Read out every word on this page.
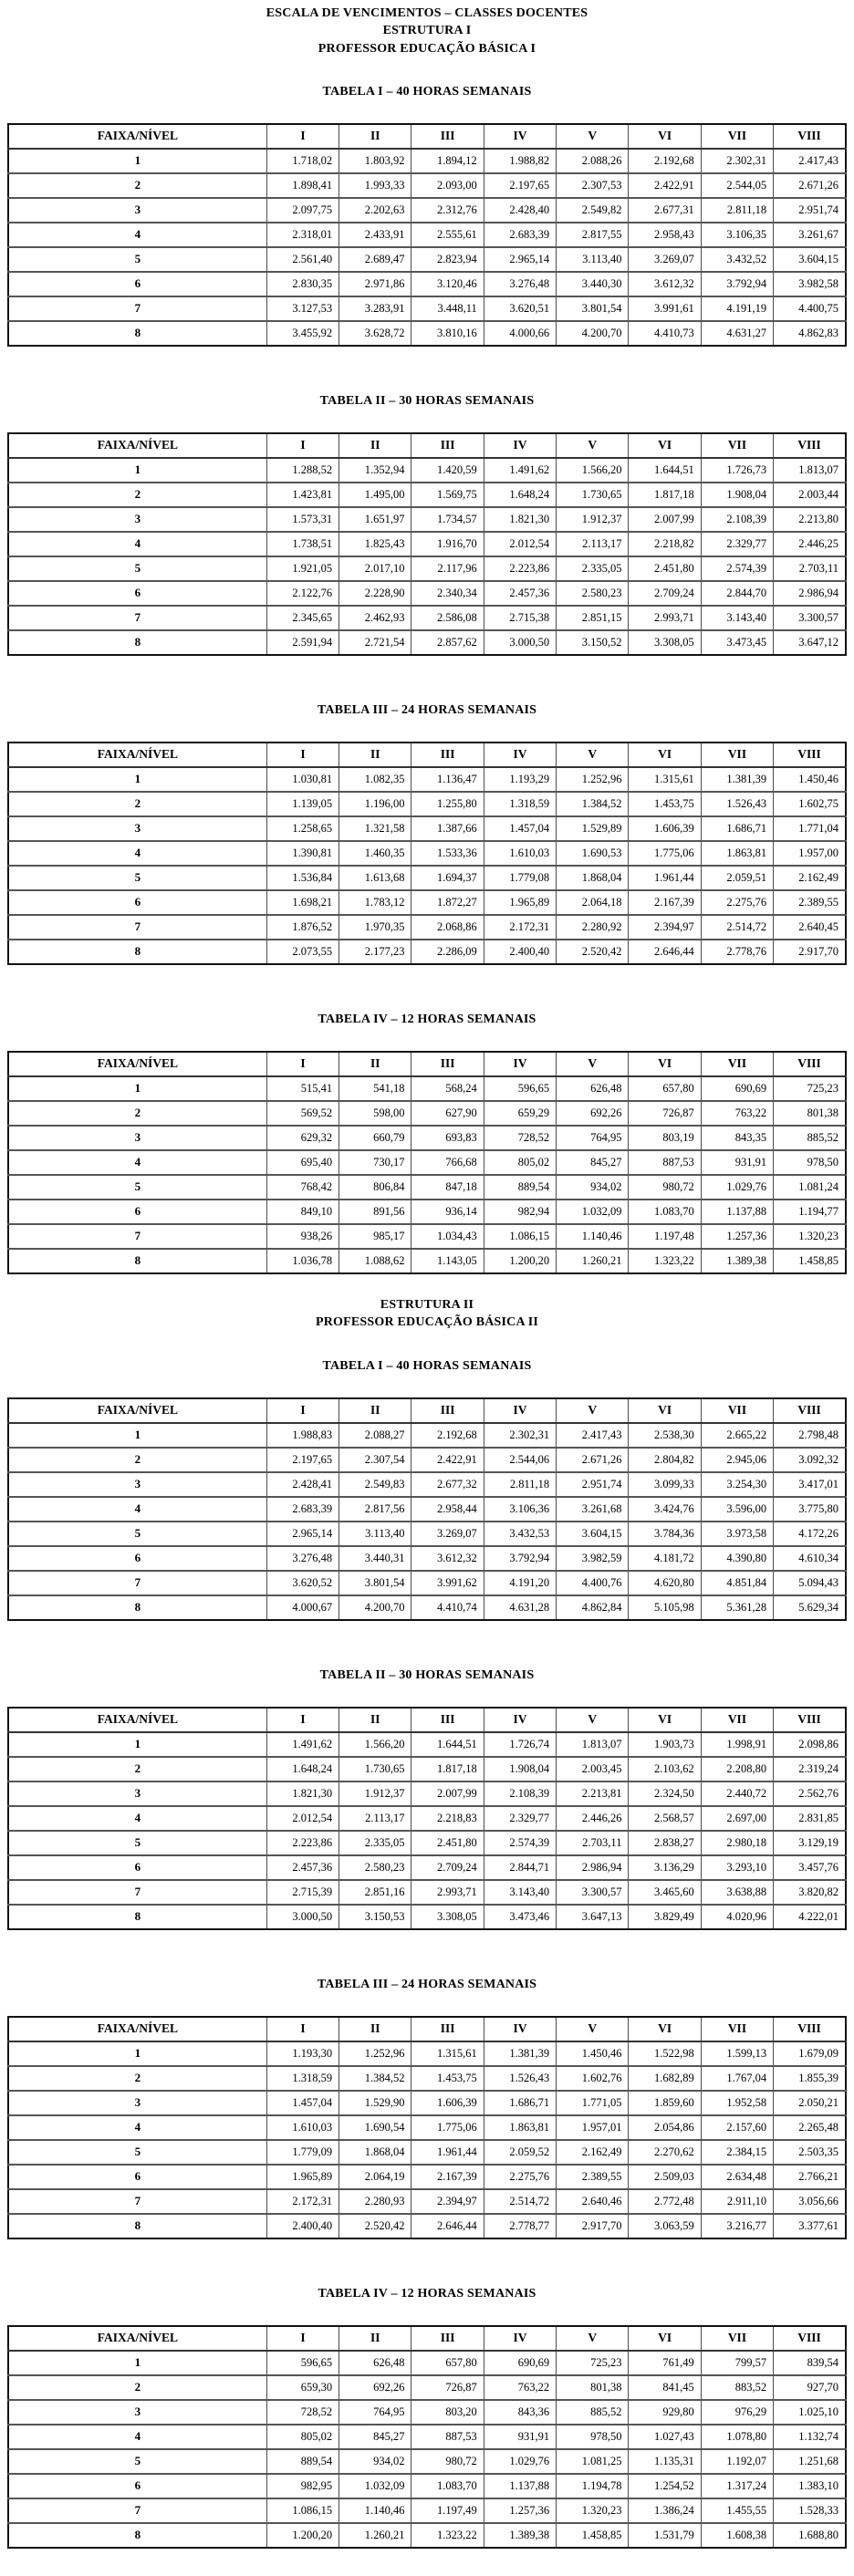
ESCALA DE VENCIMENTOS – CLASSES DOCENTES
ESTRUTURA I
PROFESSOR EDUCAÇÃO BÁSICA I
TABELA I – 40 HORAS SEMANAIS
FAIXA/NÍVEL	I	II	III	IV	V	VI	VII	VIII
1	1.718,02	1.803,92	1.894,12	1.988,82	2.088,26	2.192,68	2.302,31	2.417,43
2	1.898,41	1.993,33	2.093,00	2.197,65	2.307,53	2.422,91	2.544,05	2.671,26
3	2.097,75	2.202,63	2.312,76	2.428,40	2.549,82	2.677,31	2.811,18	2.951,74
4	2.318,01	2.433,91	2.555,61	2.683,39	2.817,55	2.958,43	3.106,35	3.261,67
5	2.561,40	2.689,47	2.823,94	2.965,14	3.113,40	3.269,07	3.432,52	3.604,15
6	2.830,35	2.971,86	3.120,46	3.276,48	3.440,30	3.612,32	3.792,94	3.982,58
7	3.127,53	3.283,91	3.448,11	3.620,51	3.801,54	3.991,61	4.191,19	4.400,75
8	3.455,92	3.628,72	3.810,16	4.000,66	4.200,70	4.410,73	4.631,27	4.862,83
TABELA II – 30 HORAS SEMANAIS
FAIXA/NÍVEL	I	II	III	IV	V	VI	VII	VIII
1	1.288,52	1.352,94	1.420,59	1.491,62	1.566,20	1.644,51	1.726,73	1.813,07
2	1.423,81	1.495,00	1.569,75	1.648,24	1.730,65	1.817,18	1.908,04	2.003,44
3	1.573,31	1.651,97	1.734,57	1.821,30	1.912,37	2.007,99	2.108,39	2.213,80
4	1.738,51	1.825,43	1.916,70	2.012,54	2.113,17	2.218,82	2.329,77	2.446,25
5	1.921,05	2.017,10	2.117,96	2.223,86	2.335,05	2.451,80	2.574,39	2.703,11
6	2.122,76	2.228,90	2.340,34	2.457,36	2.580,23	2.709,24	2.844,70	2.986,94
7	2.345,65	2.462,93	2.586,08	2.715,38	2.851,15	2.993,71	3.143,40	3.300,57
8	2.591,94	2.721,54	2.857,62	3.000,50	3.150,52	3.308,05	3.473,45	3.647,12
TABELA III – 24 HORAS SEMANAIS
FAIXA/NÍVEL	I	II	III	IV	V	VI	VII	VIII
1	1.030,81	1.082,35	1.136,47	1.193,29	1.252,96	1.315,61	1.381,39	1.450,46
2	1.139,05	1.196,00	1.255,80	1.318,59	1.384,52	1.453,75	1.526,43	1.602,75
3	1.258,65	1.321,58	1.387,66	1.457,04	1.529,89	1.606,39	1.686,71	1.771,04
4	1.390,81	1.460,35	1.533,36	1.610,03	1.690,53	1.775,06	1.863,81	1.957,00
5	1.536,84	1.613,68	1.694,37	1.779,08	1.868,04	1.961,44	2.059,51	2.162,49
6	1.698,21	1.783,12	1.872,27	1.965,89	2.064,18	2.167,39	2.275,76	2.389,55
7	1.876,52	1.970,35	2.068,86	2.172,31	2.280,92	2.394,97	2.514,72	2.640,45
8	2.073,55	2.177,23	2.286,09	2.400,40	2.520,42	2.646,44	2.778,76	2.917,70
TABELA IV – 12 HORAS SEMANAIS
FAIXA/NÍVEL	I	II	III	IV	V	VI	VII	VIII
1	515,41	541,18	568,24	596,65	626,48	657,80	690,69	725,23
2	569,52	598,00	627,90	659,29	692,26	726,87	763,22	801,38
3	629,32	660,79	693,83	728,52	764,95	803,19	843,35	885,52
4	695,40	730,17	766,68	805,02	845,27	887,53	931,91	978,50
5	768,42	806,84	847,18	889,54	934,02	980,72	1.029,76	1.081,24
6	849,10	891,56	936,14	982,94	1.032,09	1.083,70	1.137,88	1.194,77
7	938,26	985,17	1.034,43	1.086,15	1.140,46	1.197,48	1.257,36	1.320,23
8	1.036,78	1.088,62	1.143,05	1.200,20	1.260,21	1.323,22	1.389,38	1.458,85
ESTRUTURA II
PROFESSOR EDUCAÇÃO BÁSICA II
TABELA I – 40 HORAS SEMANAIS
FAIXA/NÍVEL	I	II	III	IV	V	VI	VII	VIII
1	1.988,83	2.088,27	2.192,68	2.302,31	2.417,43	2.538,30	2.665,22	2.798,48
2	2.197,65	2.307,54	2.422,91	2.544,06	2.671,26	2.804,82	2.945,06	3.092,32
3	2.428,41	2.549,83	2.677,32	2.811,18	2.951,74	3.099,33	3.254,30	3.417,01
4	2.683,39	2.817,56	2.958,44	3.106,36	3.261,68	3.424,76	3.596,00	3.775,80
5	2.965,14	3.113,40	3.269,07	3.432,53	3.604,15	3.784,36	3.973,58	4.172,26
6	3.276,48	3.440,31	3.612,32	3.792,94	3.982,59	4.181,72	4.390,80	4.610,34
7	3.620,52	3.801,54	3.991,62	4.191,20	4.400,76	4.620,80	4.851,84	5.094,43
8	4.000,67	4.200,70	4.410,74	4.631,28	4.862,84	5.105,98	5.361,28	5.629,34
TABELA II – 30 HORAS SEMANAIS
FAIXA/NÍVEL	I	II	III	IV	V	VI	VII	VIII
1	1.491,62	1.566,20	1.644,51	1.726,74	1.813,07	1.903,73	1.998,91	2.098,86
2	1.648,24	1.730,65	1.817,18	1.908,04	2.003,45	2.103,62	2.208,80	2.319,24
3	1.821,30	1.912,37	2.007,99	2.108,39	2.213,81	2.324,50	2.440,72	2.562,76
4	2.012,54	2.113,17	2.218,83	2.329,77	2.446,26	2.568,57	2.697,00	2.831,85
5	2.223,86	2.335,05	2.451,80	2.574,39	2.703,11	2.838,27	2.980,18	3.129,19
6	2.457,36	2.580,23	2.709,24	2.844,71	2.986,94	3.136,29	3.293,10	3.457,76
7	2.715,39	2.851,16	2.993,71	3.143,40	3.300,57	3.465,60	3.638,88	3.820,82
8	3.000,50	3.150,53	3.308,05	3.473,46	3.647,13	3.829,49	4.020,96	4.222,01
TABELA III – 24 HORAS SEMANAIS
FAIXA/NÍVEL	I	II	III	IV	V	VI	VII	VIII
1	1.193,30	1.252,96	1.315,61	1.381,39	1.450,46	1.522,98	1.599,13	1.679,09
2	1.318,59	1.384,52	1.453,75	1.526,43	1.602,76	1.682,89	1.767,04	1.855,39
3	1.457,04	1.529,90	1.606,39	1.686,71	1.771,05	1.859,60	1.952,58	2.050,21
4	1.610,03	1.690,54	1.775,06	1.863,81	1.957,01	2.054,86	2.157,60	2.265,48
5	1.779,09	1.868,04	1.961,44	2.059,52	2.162,49	2.270,62	2.384,15	2.503,35
6	1.965,89	2.064,19	2.167,39	2.275,76	2.389,55	2.509,03	2.634,48	2.766,21
7	2.172,31	2.280,93	2.394,97	2.514,72	2.640,46	2.772,48	2.911,10	3.056,66
8	2.400,40	2.520,42	2.646,44	2.778,77	2.917,70	3.063,59	3.216,77	3.377,61
TABELA IV – 12 HORAS SEMANAIS
FAIXA/NÍVEL	I	II	III	IV	V	VI	VII	VIII
1	596,65	626,48	657,80	690,69	725,23	761,49	799,57	839,54
2	659,30	692,26	726,87	763,22	801,38	841,45	883,52	927,70
3	728,52	764,95	803,20	843,36	885,52	929,80	976,29	1.025,10
4	805,02	845,27	887,53	931,91	978,50	1.027,43	1.078,80	1.132,74
5	889,54	934,02	980,72	1.029,76	1.081,25	1.135,31	1.192,07	1.251,68
6	982,95	1.032,09	1.083,70	1.137,88	1.194,78	1.254,52	1.317,24	1.383,10
7	1.086,15	1.140,46	1.197,49	1.257,36	1.320,23	1.386,24	1.455,55	1.528,33
8	1.200,20	1.260,21	1.323,22	1.389,38	1.458,85	1.531,79	1.608,38	1.688,80
